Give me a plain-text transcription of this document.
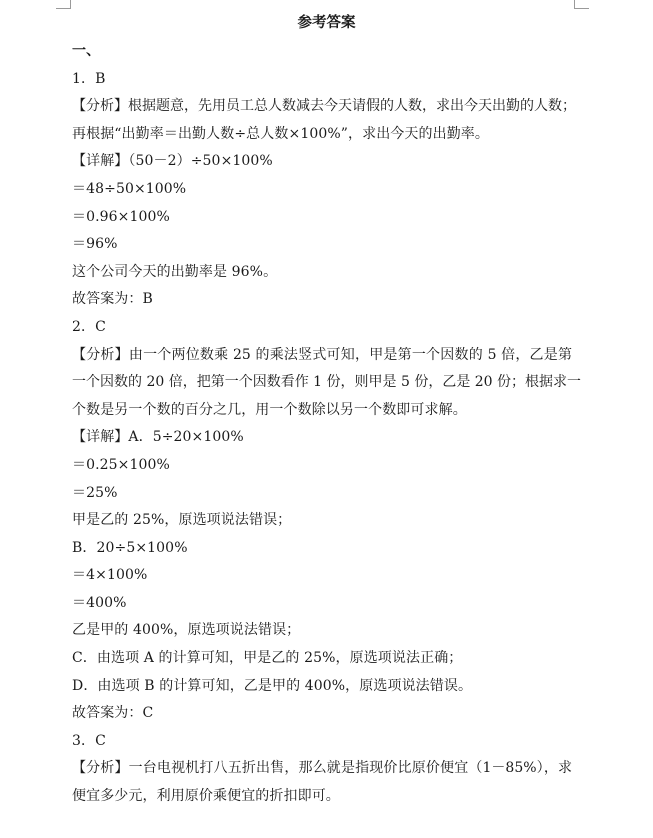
参考答案
一、
1．B
【分析】根据题意，先用员工总人数减去今天请假的人数，求出今天出勤的人数；
再根据“出勤率＝出勤人数÷总人数×100%”，求出今天的出勤率。
【详解】（50－2）÷50×100%
＝48÷50×100%
＝0.96×100%
＝96%
这个公司今天的出勤率是 96%。
故答案为：B
2．C
【分析】由一个两位数乘 25 的乘法竖式可知，甲是第一个因数的 5 倍，乙是第
一个因数的 20 倍，把第一个因数看作 1 份，则甲是 5 份，乙是 20 份；根据求一
个数是另一个数的百分之几，用一个数除以另一个数即可求解。
【详解】A．5÷20×100%
＝0.25×100%
＝25%
甲是乙的 25%，原选项说法错误；
B．20÷5×100%
＝4×100%
＝400%
乙是甲的 400%，原选项说法错误；
C．由选项 A 的计算可知，甲是乙的 25%，原选项说法正确；
D．由选项 B 的计算可知，乙是甲的 400%，原选项说法错误。
故答案为：C
3．C
【分析】一台电视机打八五折出售，那么就是指现价比原价便宜（1－85%），求
便宜多少元，利用原价乘便宜的折扣即可。
